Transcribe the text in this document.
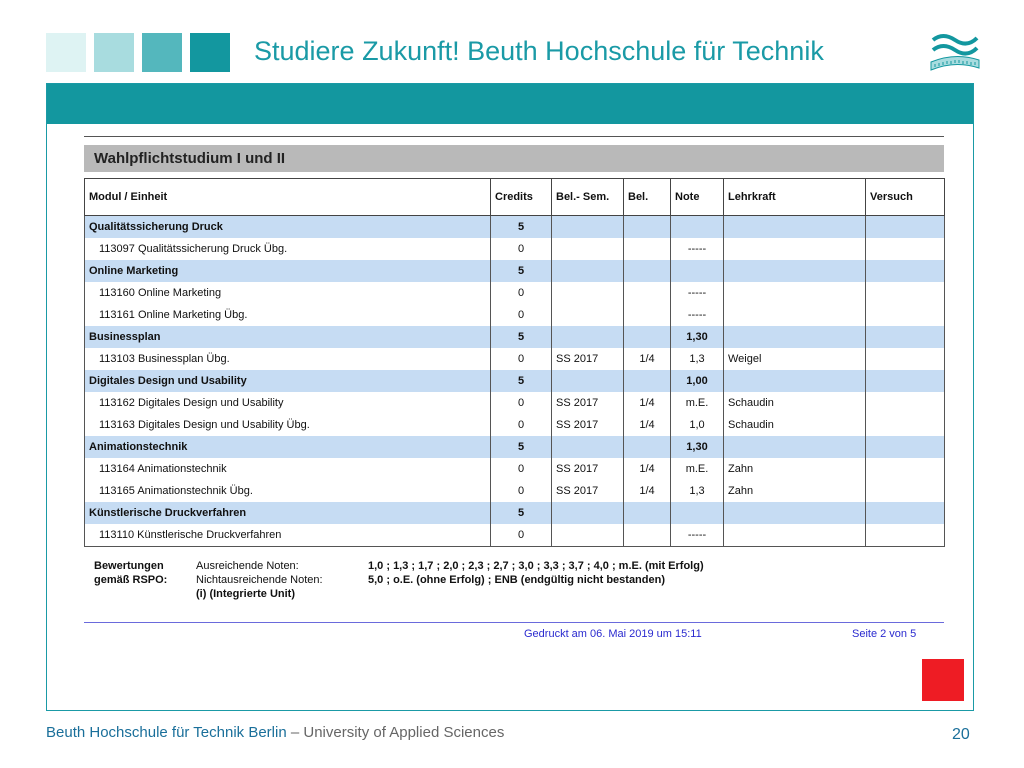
Studiere Zukunft! Beuth Hochschule für Technik
Wahlpflichtstudium I und II
Modul / Einheit	Credits	Bel.- Sem.	Bel.	Note	Lehrkraft	Versuch
Qualitätssicherung Druck	5					
113097 Qualitätssicherung Druck Übg.	0			-----		
Online Marketing	5					
113160 Online Marketing	0			-----		
113161 Online Marketing Übg.	0			-----		
Businessplan	5			1,30		
113103 Businessplan Übg.	0	SS 2017	1/4	1,3	Weigel	
Digitales Design und Usability	5			1,00		
113162 Digitales Design und Usability	0	SS 2017	1/4	m.E.	Schaudin	
113163 Digitales Design und Usability Übg.	0	SS 2017	1/4	1,0	Schaudin	
Animationstechnik	5			1,30		
113164 Animationstechnik	0	SS 2017	1/4	m.E.	Zahn	
113165 Animationstechnik Übg.	0	SS 2017	1/4	1,3	Zahn	
Künstlerische Druckverfahren	5					
113110 Künstlerische Druckverfahren	0			-----		
Bewertungen	Ausreichende Noten:	1,0 ; 1,3 ; 1,7 ; 2,0 ; 2,3 ; 2,7 ; 3,0 ; 3,3 ; 3,7 ; 4,0 ; m.E. (mit Erfolg)
gemäß RSPO:	Nichtausreichende Noten:	5,0 ; o.E. (ohne Erfolg) ; ENB (endgültig nicht bestanden)
(i) (Integrierte Unit)
Gedruckt am 06. Mai 2019 um 15:11	Seite 2 von 5
Beuth Hochschule für Technik Berlin – University of Applied Sciences	20
